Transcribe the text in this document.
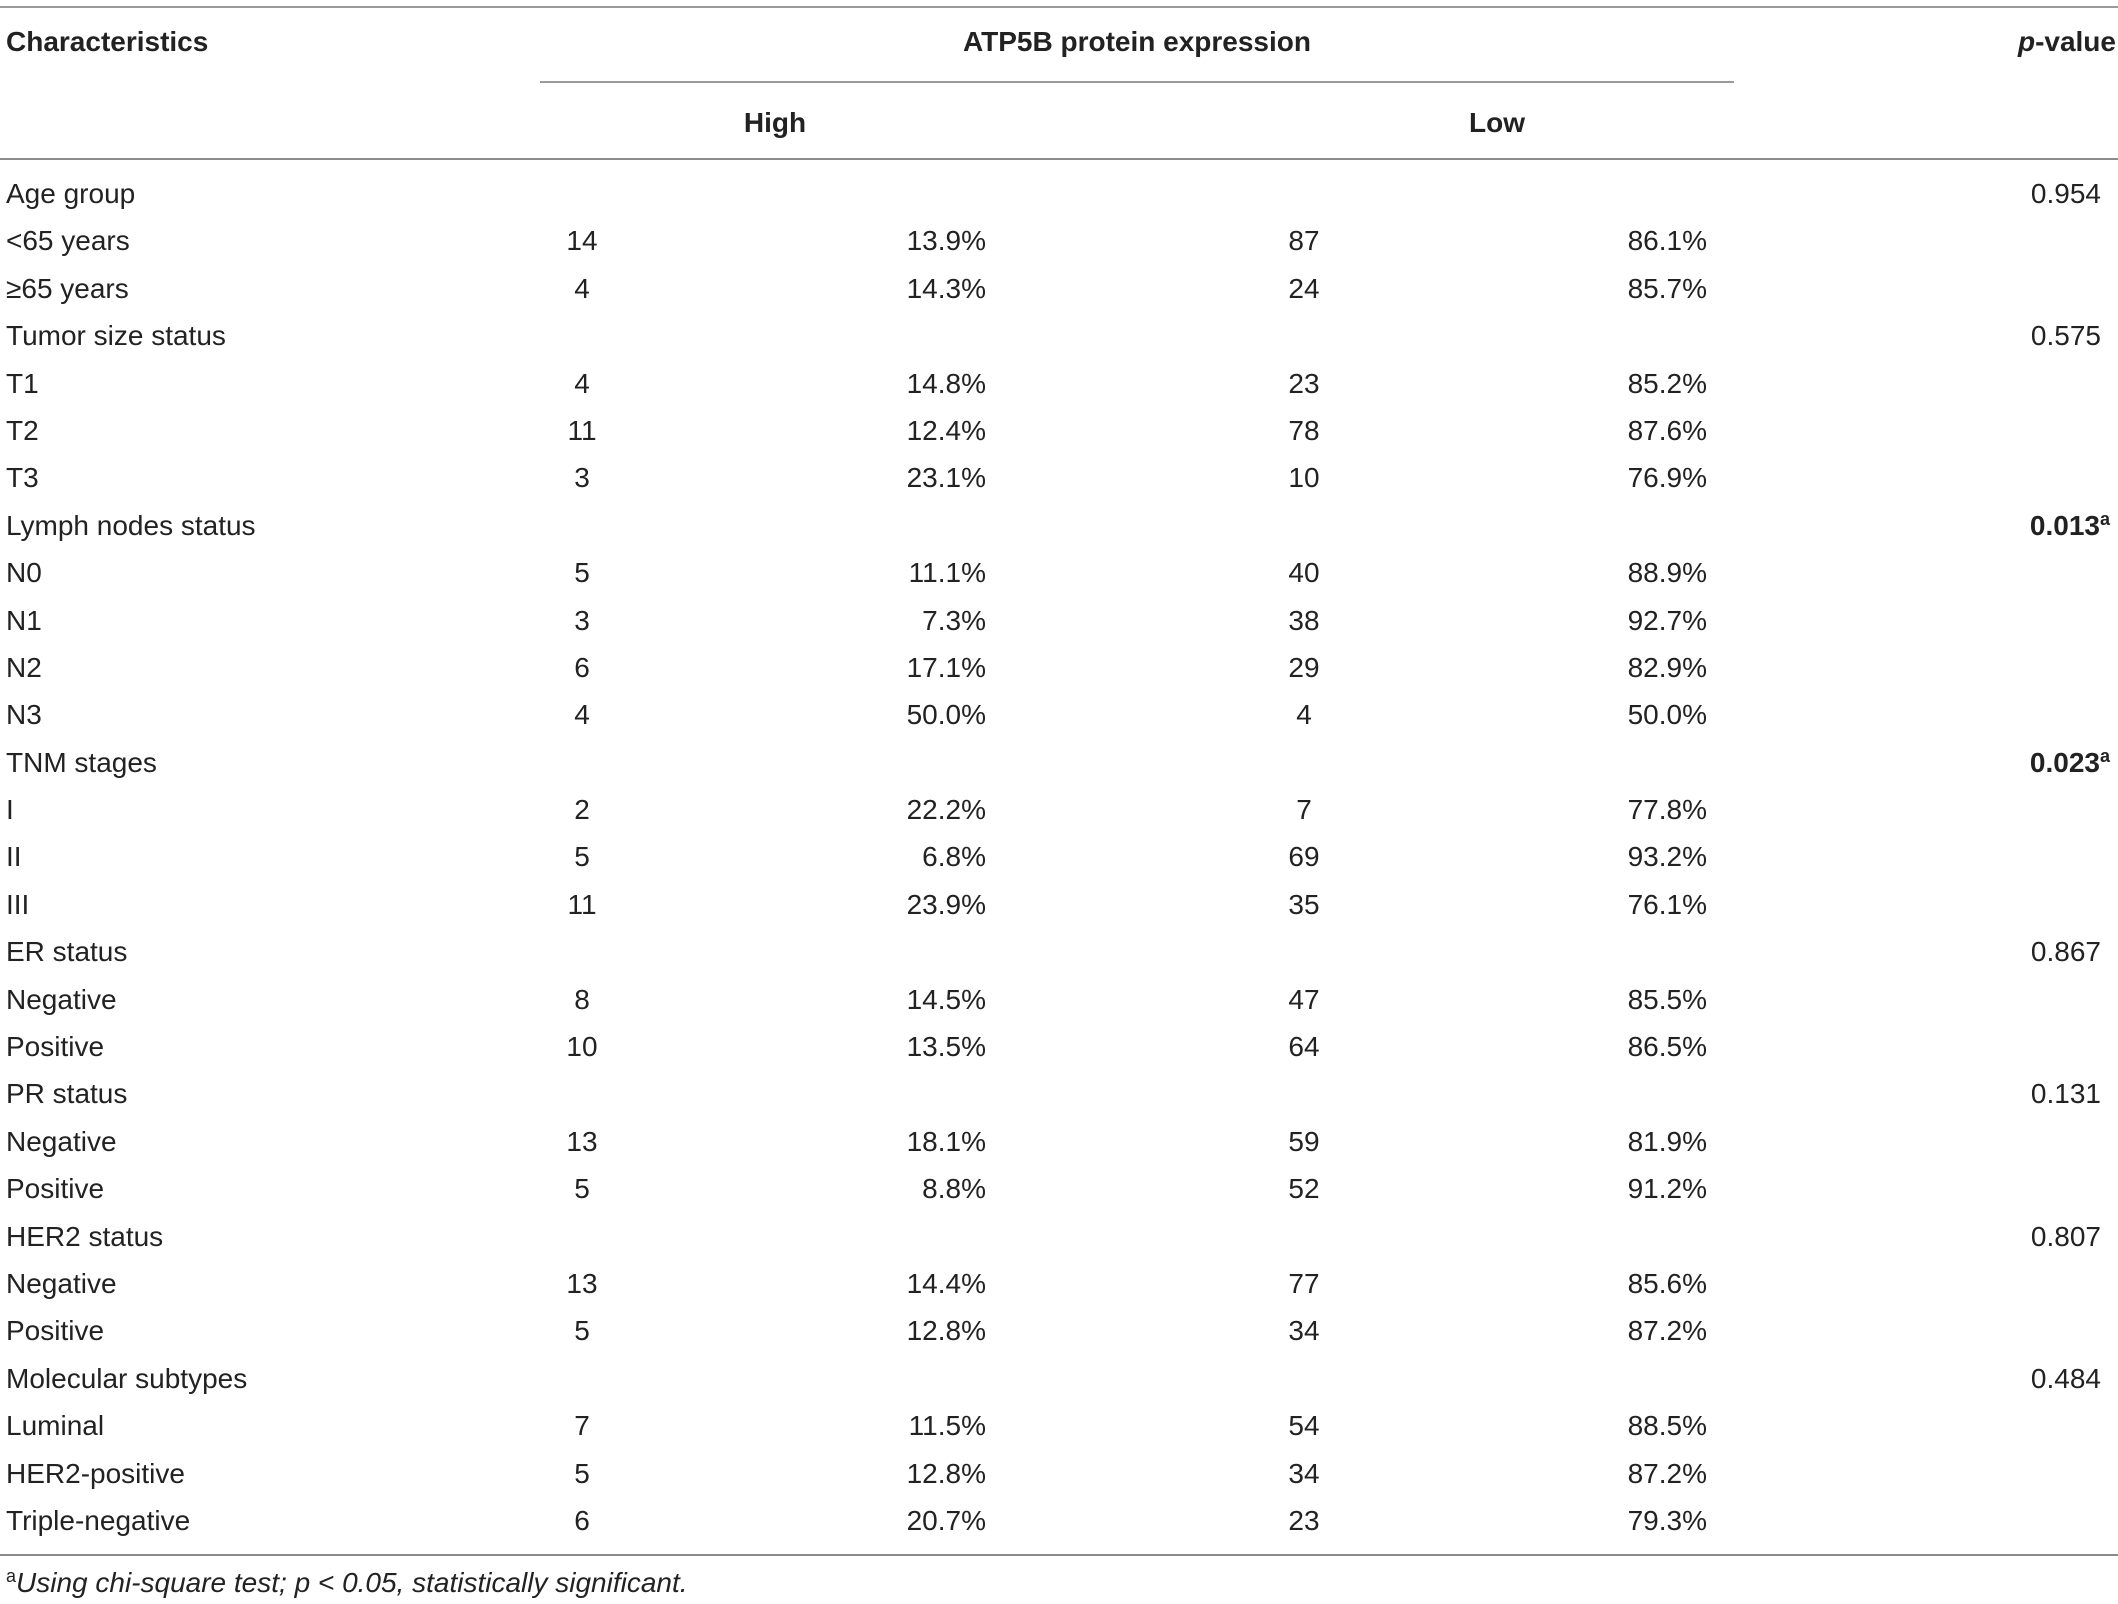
Characteristics	ATP5B protein expression	p-value
High	Low
Age group	0.954
<65 years	14	13.9%	87	86.1%
≥65 years	4	14.3%	24	85.7%
Tumor size status	0.575
T1	4	14.8%	23	85.2%
T2	11	12.4%	78	87.6%
T3	3	23.1%	10	76.9%
Lymph nodes status	0.013$^a$
N0	5	11.1%	40	88.9%
N1	3	7.3%	38	92.7%
N2	6	17.1%	29	82.9%
N3	4	50.0%	4	50.0%
TNM stages	0.023$^a$
I	2	22.2%	7	77.8%
II	5	6.8%	69	93.2%
III	11	23.9%	35	76.1%
ER status	0.867
Negative	8	14.5%	47	85.5%
Positive	10	13.5%	64	86.5%
PR status	0.131
Negative	13	18.1%	59	81.9%
Positive	5	8.8%	52	91.2%
HER2 status	0.807
Negative	13	14.4%	77	85.6%
Positive	5	12.8%	34	87.2%
Molecular subtypes	0.484
Luminal	7	11.5%	54	88.5%
HER2-positive	5	12.8%	34	87.2%
Triple-negative	6	20.7%	23	79.3%
$^a$Using chi-square test; p < 0.05, statistically significant.
